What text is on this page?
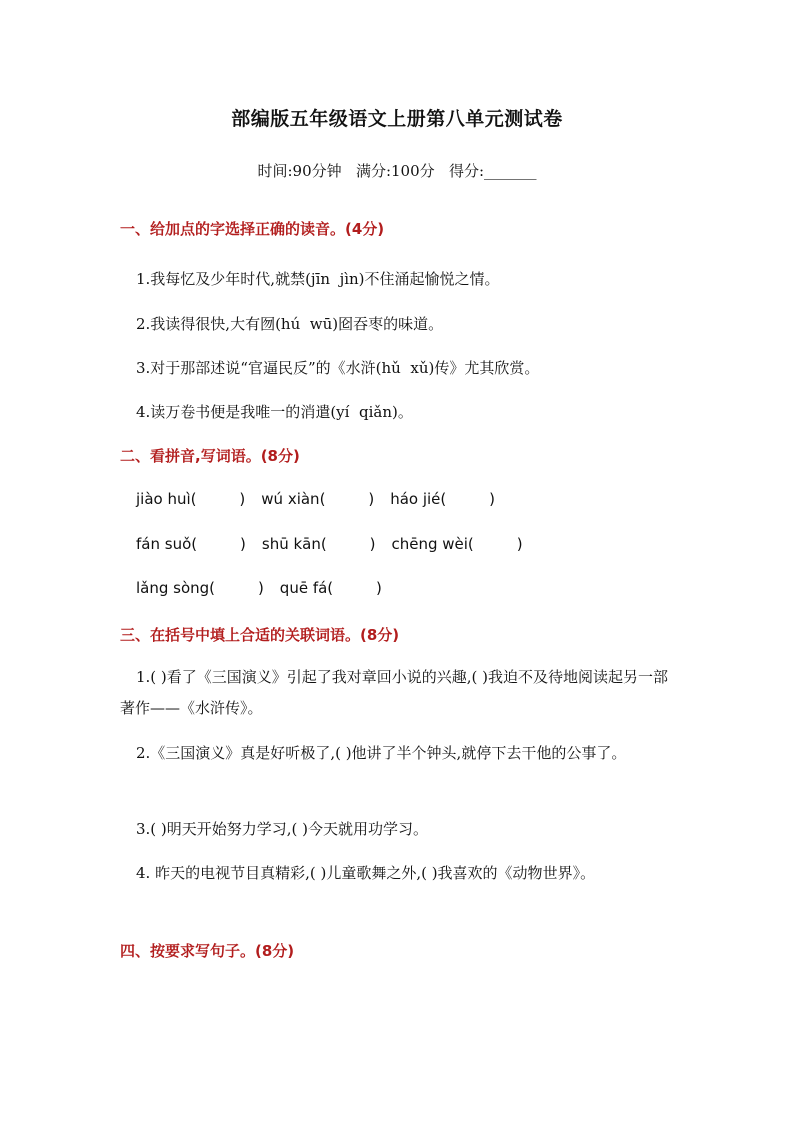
部编版五年级语文上册第八单元测试卷
时间:90分钟 满分:100分 得分:_______
一、给加点的字选择正确的读音。(4分)
1.我每忆及少年时代,就禁(jīn  jìn)不住涌起愉悦之情。
2.我读得很快,大有囫(hú  wū)囵吞枣的味道。
3.对于那部述说“官逼民反”的《水浒(hǔ  xǔ)传》尤其欣赏。
4.读万卷书便是我唯一的消遣(yí  qiǎn)。
二、看拼音,写词语。(8分)
jiào huì(         ) wú xiàn(         ) háo jié(         )
fán suǒ(         ) shū kān(         ) chēng wèi(         )
lǎng sòng(         ) quē fá(         )
三、在括号中填上合适的关联词语。(8分)
1.( )看了《三国演义》引起了我对章回小说的兴趣,( )我迫不及待地阅读起另一部著作——《水浒传》。
2.《三国演义》真是好听极了,( )他讲了半个钟头,就停下去干他的公事了。
3.( )明天开始努力学习,( )今天就用功学习。
4. 昨天的电视节目真精彩,( )儿童歌舞之外,( )我喜欢的《动物世界》。
四、按要求写句子。(8分)
